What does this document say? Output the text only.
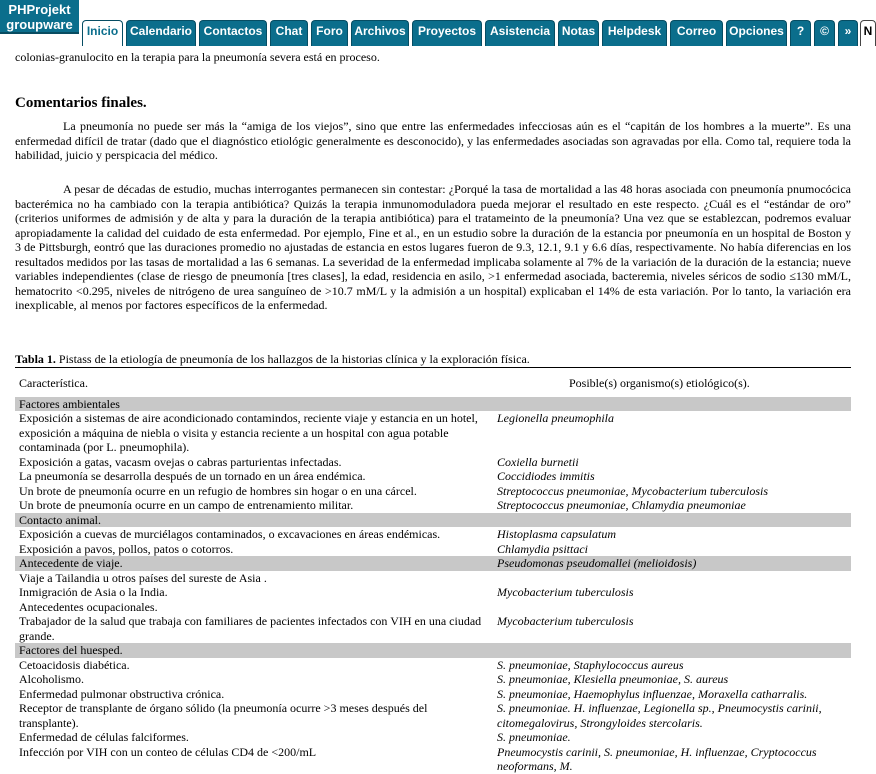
PHProjekt
groupware	Inicio Calendario Contactos	Chat	Foro Archivos	Proyectos	Asistencia Notas	Helpdesk	Correo	Opciones	?	©	»	N

colonias-granulocito en la terapia para la pneumonía severa está en proceso.

Comentarios finales.

La pneumonía no puede ser más la “amiga de los viejos”, sino que entre las enfermedades infecciosas aún es el “capitán de los hombres a la muerte”. Es una enfermedad difícil de tratar (dado que el diagnóstico etiológic generalmente es desconocido), y las enfermedades asociadas son agravadas por ella. Como tal, requiere toda la habilidad, juicio y perspicacia del médico.

A pesar de décadas de estudio, muchas interrogantes permanecen sin contestar: ¿Porqué la tasa de mortalidad a las 48 horas asociada con pneumonía pnumocócica bacterémica no ha cambiado con la terapia antibiótica? Quizás la terapia inmunomoduladora pueda mejorar el resultado en este respecto. ¿Cuál es el “estándar de oro” (criterios uniformes de admisión y de alta y para la duración de la terapia antibiótica) para el tratameinto de la pneumonía? Una vez que se establezcan, podremos evaluar apropiadamente la calidad del cuidado de esta enfermedad. Por ejemplo, Fine et al., en un estudio sobre la duración de la estancia por pneumonía en un hospital de Boston y 3 de Pittsburgh, eontró que las duraciones promedio no ajustadas de estancia en estos lugares fueron de 9.3, 12.1, 9.1 y 6.6 días, respectivamente. No había diferencias en los resultados medidos por las tasas de mortalidad a las 6 semanas. La severidad de la enfermedad implicaba solamente al 7% de la variación de la duración de la estancia; nueve variables independientes (clase de riesgo de pneumonía [tres clases], la edad, residencia en asilo, >1 enfermedad asociada, bacteremia, niveles séricos de sodio ≤130 mM/L, hematocrito <0.295, niveles de nitrógeno de urea sanguíneo de >10.7 mM/L y la admisión a un hospital) explicaban el 14% de esta variación. Por lo tanto, la variación era inexplicable, al menos por factores específicos de la enfermedad.

Tabla 1. Pistass de la etiología de pneumonía de los hallazgos de la historias clínica y la exploración física.
Característica.	Posible(s) organismo(s) etiológico(s).
Factores ambientales	
Exposición a sistemas de aire acondicionado contamindos, reciente viaje y estancia en un hotel, exposición a máquina de niebla o visita y estancia reciente a un hospital con agua potable contaminada (por L. pneumophila).	Legionella pneumophila
Exposición a gatas, vacasm ovejas o cabras parturientas infectadas.	Coxiella burnetii
La pneumonía se desarrolla después de un tornado en un área endémica.	Coccidiodes immitis
Un brote de pneumonía ocurre en un refugio de hombres sin hogar o en una cárcel.	Streptococcus pneumoniae, Mycobacterium tuberculosis
Un brote de pneumonía ocurre en un campo de entrenamiento militar.	Streptococcus pneumoniae, Chlamydia pneumoniae
Contacto animal.	
Exposición a cuevas de murciélagos contaminados, o excavaciones en áreas endémicas.	Histoplasma capsulatum
Exposición a pavos, pollos, patos o cotorros.	Chlamydia psittaci
Antecedente de viaje.	Pseudomonas pseudomallei (melioidosis)
Viaje a Tailandia u otros países del sureste de Asia .	
Inmigración de Asia o la India.	Mycobacterium tuberculosis
Antecedentes ocupacionales.	
Trabajador de la salud que trabaja con familiares de pacientes infectados con VIH en una ciudad grande.	Mycobacterium tuberculosis
Factores del huesped.	
Cetoacidosis diabética.	S. pneumoniae, Staphylococcus aureus
Alcoholismo.	S. pneumoniae, Klesiella pneumoniae, S. aureus
Enfermedad pulmonar obstructiva crónica.	S. pneumoniae, Haemophylus influenzae, Moraxella catharralis.
Receptor de transplante de órgano sólido (la pneumonía ocurre >3 meses después del transplante).	S. pneumoniae. H. influenzae, Legionella sp., Pneumocystis carinii, citomegalovirus, Strongyloides stercolaris.
Enfermedad de células falciformes.	S. pneumoniae.
Infección por VIH con un conteo de células CD4 de <200/mL	Pneumocystis carinii, S. pneumoniae, H. influenzae, Cryptococcus neoformans, M.
